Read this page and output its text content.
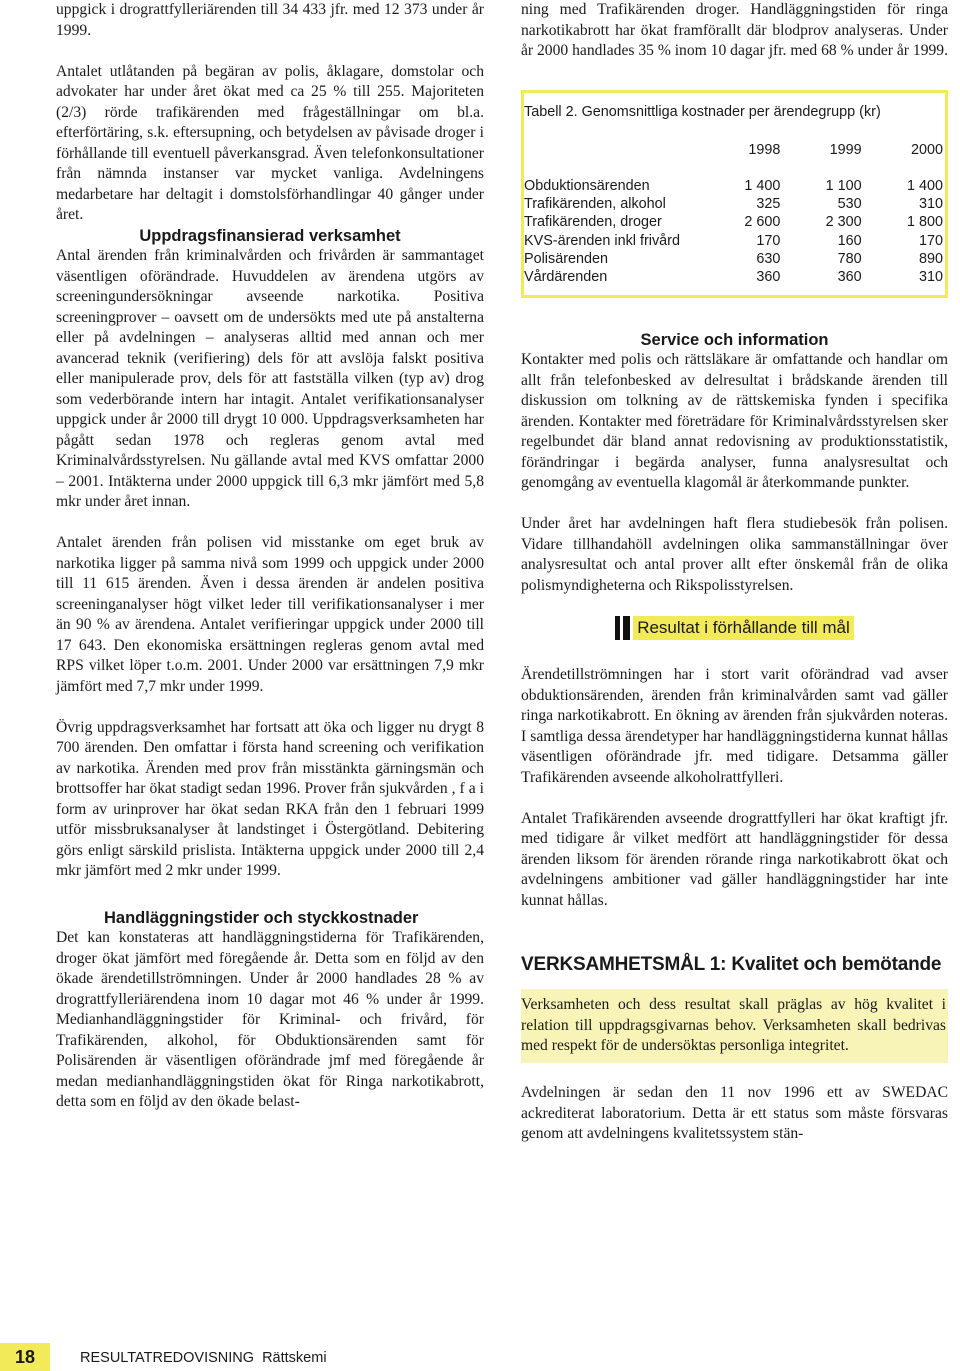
uppgick i drograttfylleriärenden till 34 433 jfr. med 12 373 under år 1999.

Antalet utlåtanden på begäran av polis, åklagare, domstolar och advokater har under året ökat med ca 25 % till 255. Majoriteten (2/3) rörde trafikärenden med frågeställningar om bl.a. efterförtäring, s.k. eftersupning, och betydelsen av påvisade droger i förhållande till eventuell påverkansgrad. Även telefonkonsultationer från nämnda instanser var mycket vanliga. Avdelningens medarbetare har deltagit i domstolsförhandlingar 40 gånger under året.

Uppdragsfinansierad verksamhet

Antal ärenden från kriminalvården och frivården är sammantaget väsentligen oförändrade. Huvuddelen av ärendena utgörs av screeningundersökningar avseende narkotika. Positiva screeningprover – oavsett om de undersökts med ute på anstalterna eller på avdelningen – analyseras alltid med annan och mer avancerad teknik (verifiering) dels för att avslöja falskt positiva eller manipulerade prov, dels för att fastställa vilken (typ av) drog som vederbörande intern har intagit. Antalet verifikationsanalyser uppgick under år 2000 till drygt 10 000. Uppdragsverksamheten har pågått sedan 1978 och regleras genom avtal med Kriminalvårdsstyrelsen. Nu gällande avtal med KVS omfattar 2000 – 2001. Intäkterna under 2000 uppgick till 6,3 mkr jämfört med 5,8 mkr under året innan.

Antalet ärenden från polisen vid misstanke om eget bruk av narkotika ligger på samma nivå som 1999 och uppgick under 2000 till 11 615 ärenden. Även i dessa ärenden är andelen positiva screeninganalyser högt vilket leder till verifikationsanalyser i mer än 90 % av ärendena. Antalet verifieringar uppgick under 2000 till 17 643. Den ekonomiska ersättningen regleras genom avtal med RPS vilket löper t.o.m. 2001. Under 2000 var ersättningen 7,9 mkr jämfört med 7,7 mkr under 1999.

Övrig uppdragsverksamhet har fortsatt att öka och ligger nu drygt 8 700 ärenden. Den omfattar i första hand screening och verifikation av narkotika. Ärenden med prov från misstänkta gärningsmän och brottsoffer har ökat stadigt sedan 1996. Prover från sjukvården , f a i form av urinprover har ökat sedan RKA från den 1 februari 1999 utför missbruksanalyser åt landstinget i Östergötland. Debitering görs enligt särskild prislista. Intäkterna uppgick under 2000 till 2,4 mkr jämfört med 2 mkr under 1999.

Handläggningstider och styckkostnader

Det kan konstateras att handläggningstiderna för Trafikärenden, droger ökat jämfört med föregående år. Detta som en följd av den ökade ärendetillströmningen. Under år 2000 handlades 28 % av drograttfylleriärendena inom 10 dagar mot 46 % under år 1999. Medianhandläggningstider för Kriminal- och frivård, för Trafikärenden, alkohol, för Obduktionsärenden samt för Polisärenden är väsentligen oförändrade jmf med föregående år medan medianhandläggningstiden ökat för Ringa narkotikabrott, detta som en följd av den ökade belast-

ning med Trafikärenden droger. Handläggningstiden för ringa narkotikabrott har ökat framförallt där blodprov analyseras. Under år 2000 handlades 35 % inom 10 dagar jfr. med 68 % under år 1999.

Tabell 2. Genomsnittliga kostnader per ärendegrupp (kr)

	1998	1999	2000
Obduktionsärenden	1 400	1 100	1 400
Trafikärenden, alkohol	325	530	310
Trafikärenden, droger	2 600	2 300	1 800
KVS-ärenden inkl frivård	170	160	170
Polisärenden	630	780	890
Vårdärenden	360	360	310

Service och information

Kontakter med polis och rättsläkare är omfattande och handlar om allt från telefonbesked av delresultat i brådskande ärenden till diskussion om tolkning av de rättskemiska fynden i specifika ärenden. Kontakter med företrädare för Kriminalvårdsstyrelsen sker regelbundet där bland annat redovisning av produktionsstatistik, förändringar i begärda analyser, funna analysresultat och genomgång av eventuella klagomål är återkommande punkter.

Under året har avdelningen haft flera studiebesök från polisen. Vidare tillhandahöll avdelningen olika sammanställningar över analysresultat och antal prover allt efter önskemål från de olika polismyndigheterna och Rikspolisstyrelsen.

Resultat i förhållande till mål

Ärendetillströmningen har i stort varit oförändrad vad avser obduktionsärenden, ärenden från kriminalvården samt vad gäller ringa narkotikabrott. En ökning av ärenden från sjukvården noteras. I samtliga dessa ärendetyper har handläggningstiderna kunnat hållas väsentligen oförändrade jfr. med tidigare. Detsamma gäller Trafikärenden avseende alkoholrattfylleri.

Antalet Trafikärenden avseende drograttfylleri har ökat kraftigt jfr. med tidigare år vilket medfört att handläggningstider för dessa ärenden liksom för ärenden rörande ringa narkotikabrott ökat och avdelningens ambitioner vad gäller handläggningstider har inte kunnat hållas.

VERKSAMHETSMÅL 1: Kvalitet och bemötande

Verksamheten och dess resultat skall präglas av hög kvalitet i relation till uppdragsgivarnas behov. Verksamheten skall bedrivas med respekt för de undersöktas personliga integritet.

Avdelningen är sedan den 11 nov 1996 ett av SWEDAC ackrediterat laboratorium. Detta är ett status som måste försvaras genom att avdelningens kvalitetssystem stän-

18	RESULTATREDOVISNING  Rättskemi
